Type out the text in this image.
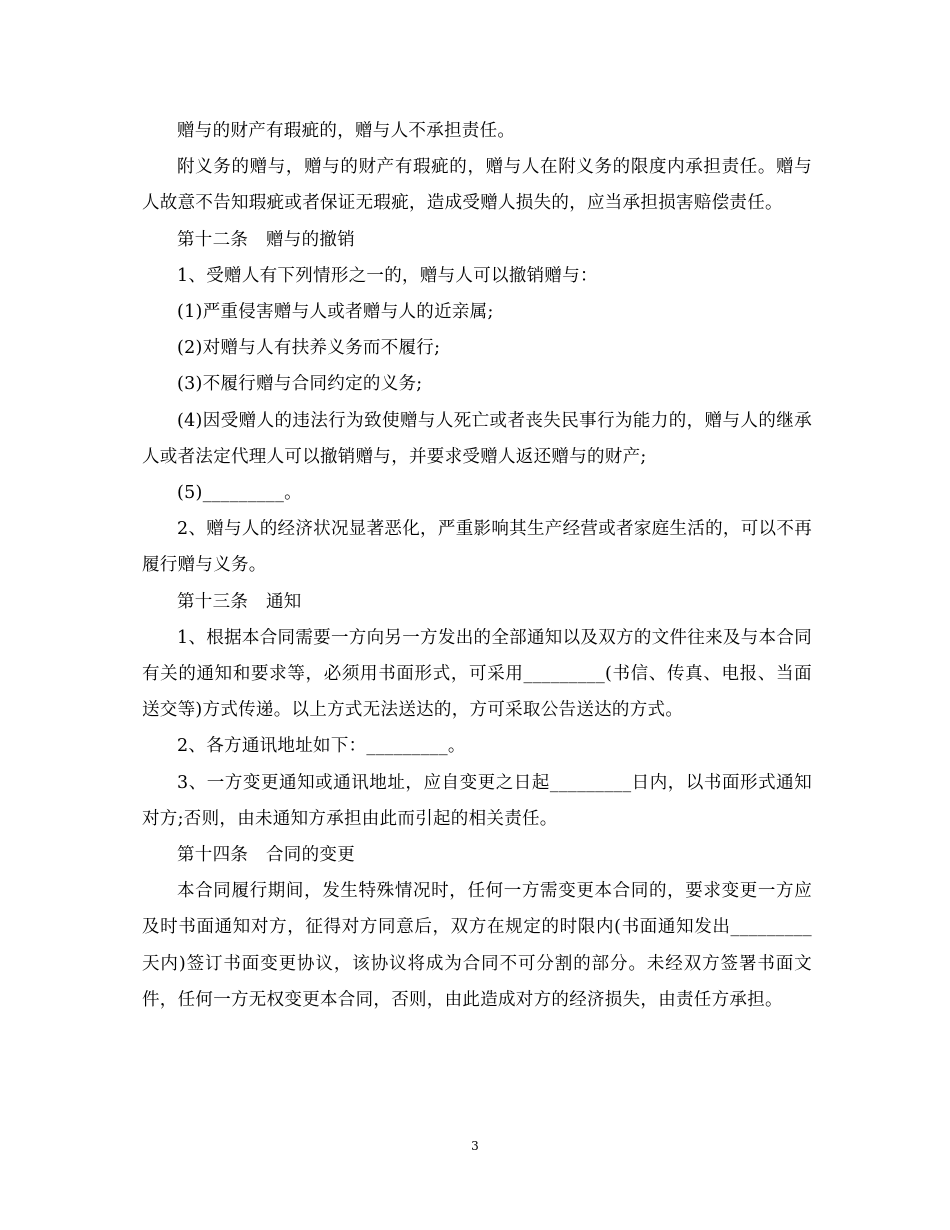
赠与的财产有瑕疵的，赠与人不承担责任。

附义务的赠与，赠与的财产有瑕疵的，赠与人在附义务的限度内承担责任。赠与人故意不告知瑕疵或者保证无瑕疵，造成受赠人损失的，应当承担损害赔偿责任。

第十二条　赠与的撤销

1、受赠人有下列情形之一的，赠与人可以撤销赠与：

(1)严重侵害赠与人或者赠与人的近亲属;

(2)对赠与人有扶养义务而不履行;

(3)不履行赠与合同约定的义务;

(4)因受赠人的违法行为致使赠与人死亡或者丧失民事行为能力的，赠与人的继承人或者法定代理人可以撤销赠与，并要求受赠人返还赠与的财产;

(5)_________。

2、赠与人的经济状况显著恶化，严重影响其生产经营或者家庭生活的，可以不再履行赠与义务。

第十三条　通知

1、根据本合同需要一方向另一方发出的全部通知以及双方的文件往来及与本合同有关的通知和要求等，必须用书面形式，可采用_________(书信、传真、电报、当面送交等)方式传递。以上方式无法送达的，方可采取公告送达的方式。

2、各方通讯地址如下：_________。

3、一方变更通知或通讯地址，应自变更之日起_________日内，以书面形式通知对方;否则，由未通知方承担由此而引起的相关责任。

第十四条　合同的变更

本合同履行期间，发生特殊情况时，任何一方需变更本合同的，要求变更一方应及时书面通知对方，征得对方同意后，双方在规定的时限内(书面通知发出_________天内)签订书面变更协议，该协议将成为合同不可分割的部分。未经双方签署书面文件，任何一方无权变更本合同，否则，由此造成对方的经济损失，由责任方承担。

3
